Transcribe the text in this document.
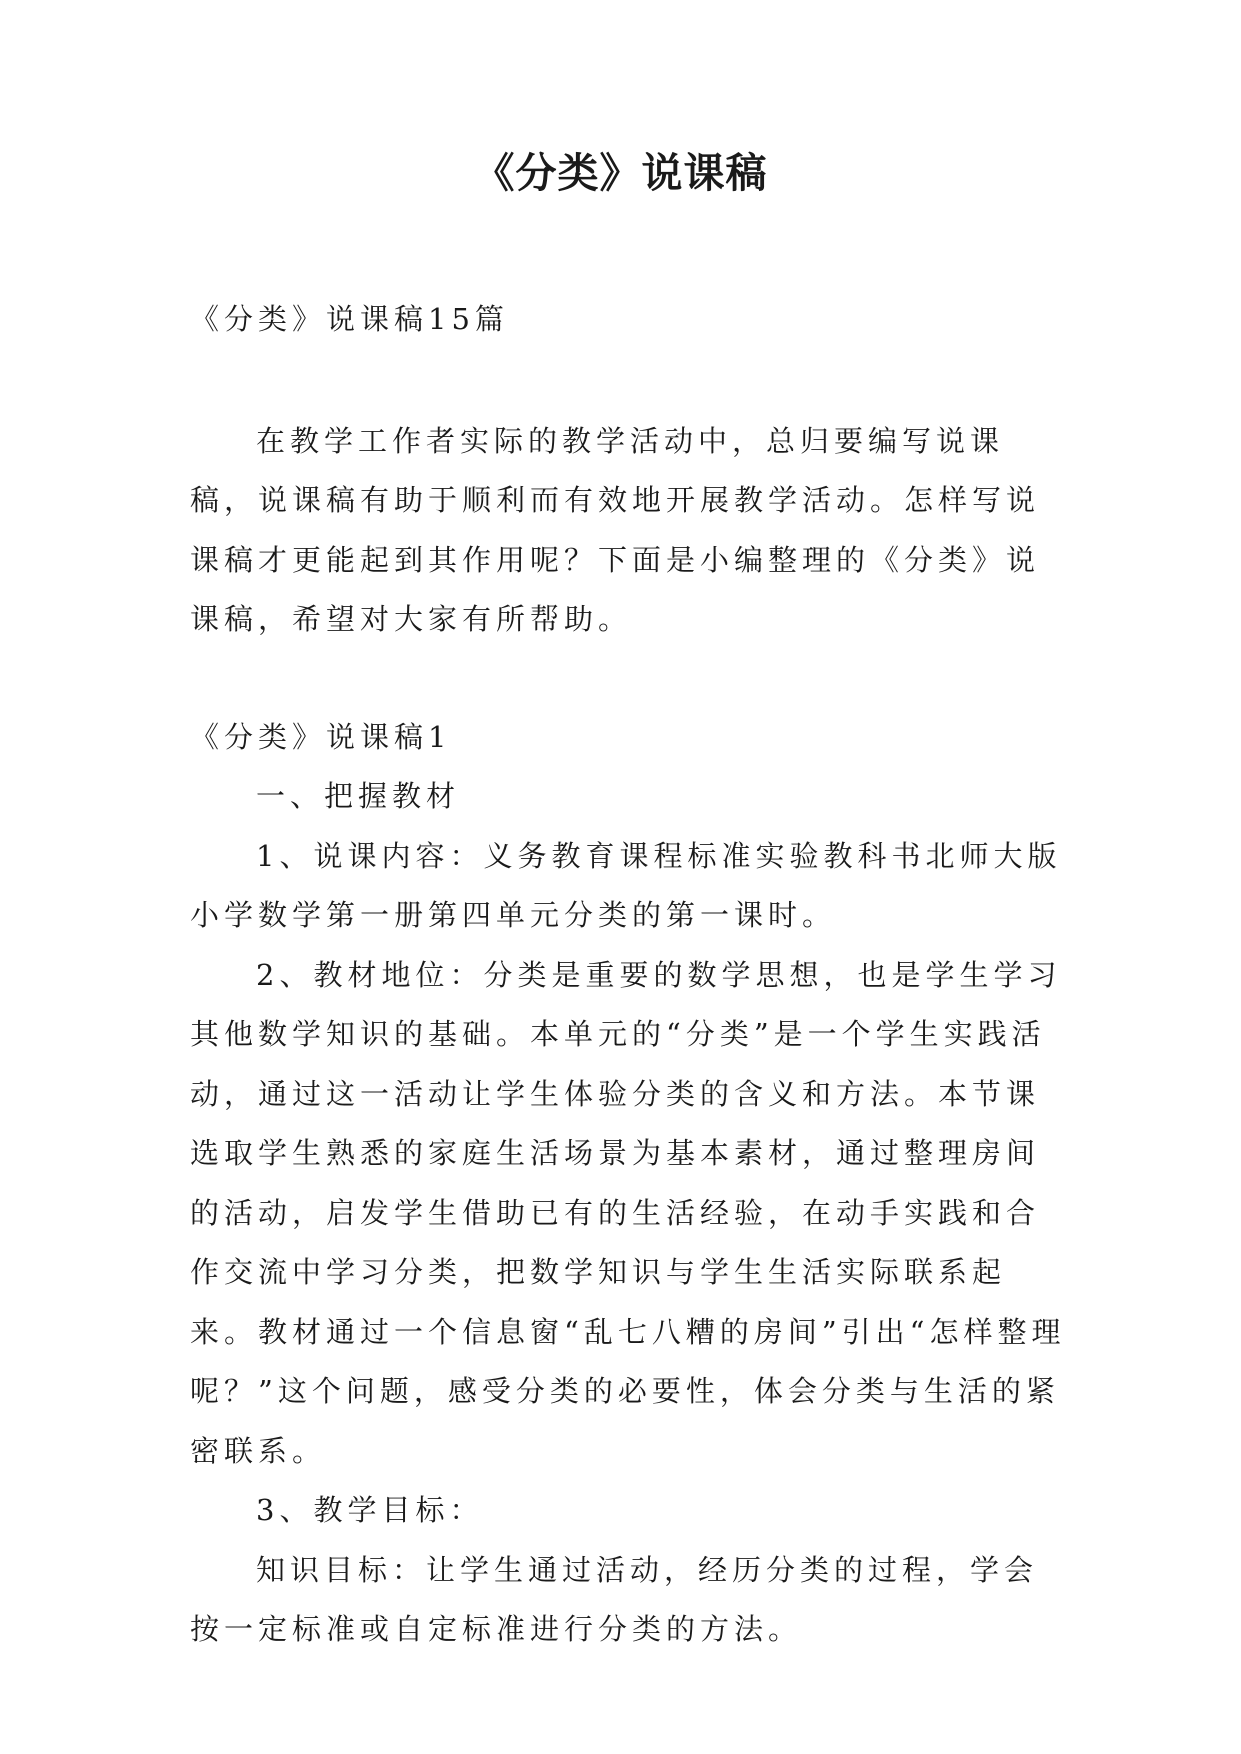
《分类》说课稿

《分类》说课稿15篇

在教学工作者实际的教学活动中，总归要编写说课稿，说课稿有助于顺利而有效地开展教学活动。怎样写说课稿才更能起到其作用呢？下面是小编整理的《分类》说课稿，希望对大家有所帮助。

《分类》说课稿1

一、把握教材

1、说课内容：义务教育课程标准实验教科书北师大版小学数学第一册第四单元分类的第一课时。

2、教材地位：分类是重要的数学思想，也是学生学习其他数学知识的基础。本单元的“分类”是一个学生实践活动，通过这一活动让学生体验分类的含义和方法。本节课选取学生熟悉的家庭生活场景为基本素材，通过整理房间的活动，启发学生借助已有的生活经验，在动手实践和合作交流中学习分类，把数学知识与学生生活实际联系起来。教材通过一个信息窗“乱七八糟的房间”引出“怎样整理呢？”这个问题，感受分类的必要性，体会分类与生活的紧密联系。

3、教学目标：

知识目标：让学生通过活动，经历分类的过程，学会按一定标准或自定标准进行分类的方法。
